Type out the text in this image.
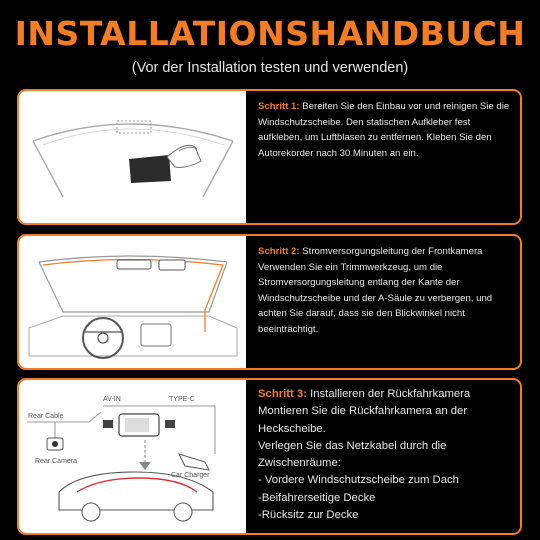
INSTALLATIONSHANDBUCH
(Vor der Installation testen und verwenden)
Schritt 1: Bereiten Sie den Einbau vor und reinigen Sie die Windschutzscheibe. Den statischen Aufkleber fest aufkleben, um Luftblasen zu entfernen. Kleben Sie den Autorekorder nach 30 Minuten an ein.
Schritt 2: Stromversorgungsleitung der Frontkamera Verwenden Sie ein Trimmwerkzeug, um die Stromversorgungsleitung entlang der Kante der Windschutzscheibe und der A-Säule zu verbergen, und achten Sie darauf, dass sie den Blickwinkel nicht beeinträchtigt.
Rear Cable
AV-IN	TYPE-C
Rear Camera
Car Charger
Schritt 3: Installieren der Rückfahrkamera
Montieren Sie die Rückfahrkamera an der Heckscheibe.
Verlegen Sie das Netzkabel durch die Zwischenräume:
- Vordere Windschutzscheibe zum Dach
-Beifahrerseitige Decke
-Rücksitz zur Decke
